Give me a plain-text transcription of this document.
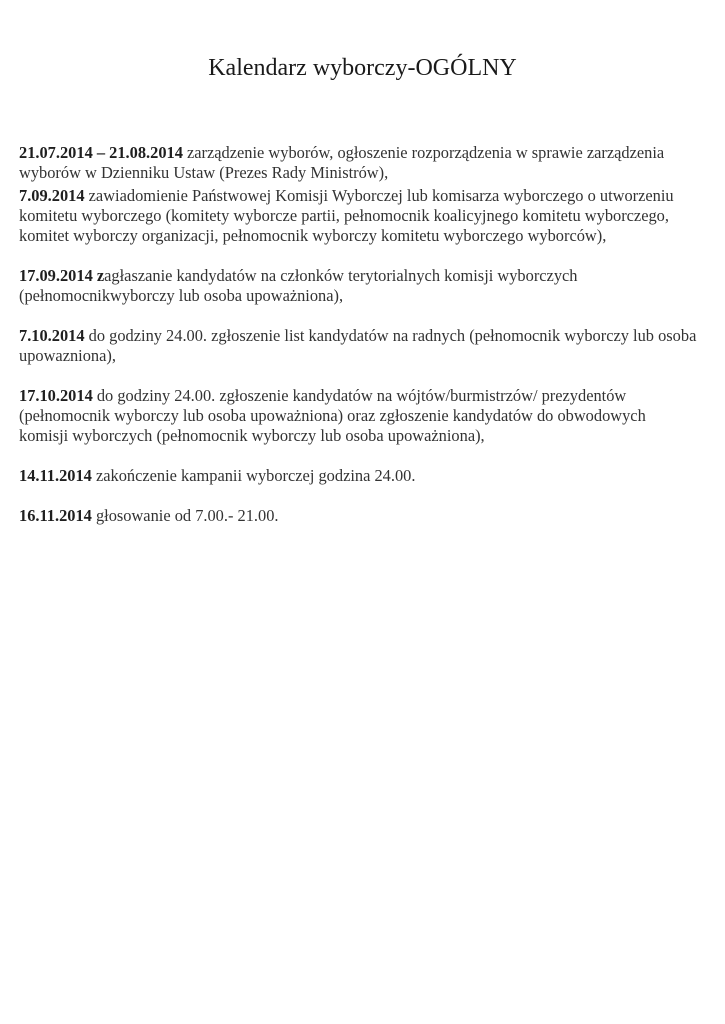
Kalendarz wyborczy-OGÓLNY

21.07.2014 – 21.08.2014 zarządzenie wyborów, ogłoszenie rozporządzenia w sprawie zarządzenia wyborów w Dzienniku Ustaw (Prezes Rady Ministrów),

7.09.2014 zawiadomienie Państwowej Komisji Wyborczej lub komisarza wyborczego o utworzeniu komitetu wyborczego (komitety wyborcze partii, pełnomocnik koalicyjnego komitetu wyborczego, komitet wyborczy organizacji, pełnomocnik wyborczy komitetu wyborczego wyborców),

17.09.2014 zagłaszanie kandydatów na członków terytorialnych komisji wyborczych (pełnomocnikwyborczy lub osoba upoważniona),

7.10.2014 do godziny 24.00. zgłoszenie list kandydatów na radnych (pełnomocnik wyborczy lub osoba upowazniona),

17.10.2014 do godziny 24.00. zgłoszenie kandydatów na wójtów/burmistrzów/ prezydentów (pełnomocnik wyborczy lub osoba upoważniona) oraz zgłoszenie kandydatów do obwodowych komisji wyborczych (pełnomocnik wyborczy lub osoba upoważniona),

14.11.2014 zakończenie kampanii wyborczej godzina 24.00.

16.11.2014 głosowanie od 7.00.- 21.00.
